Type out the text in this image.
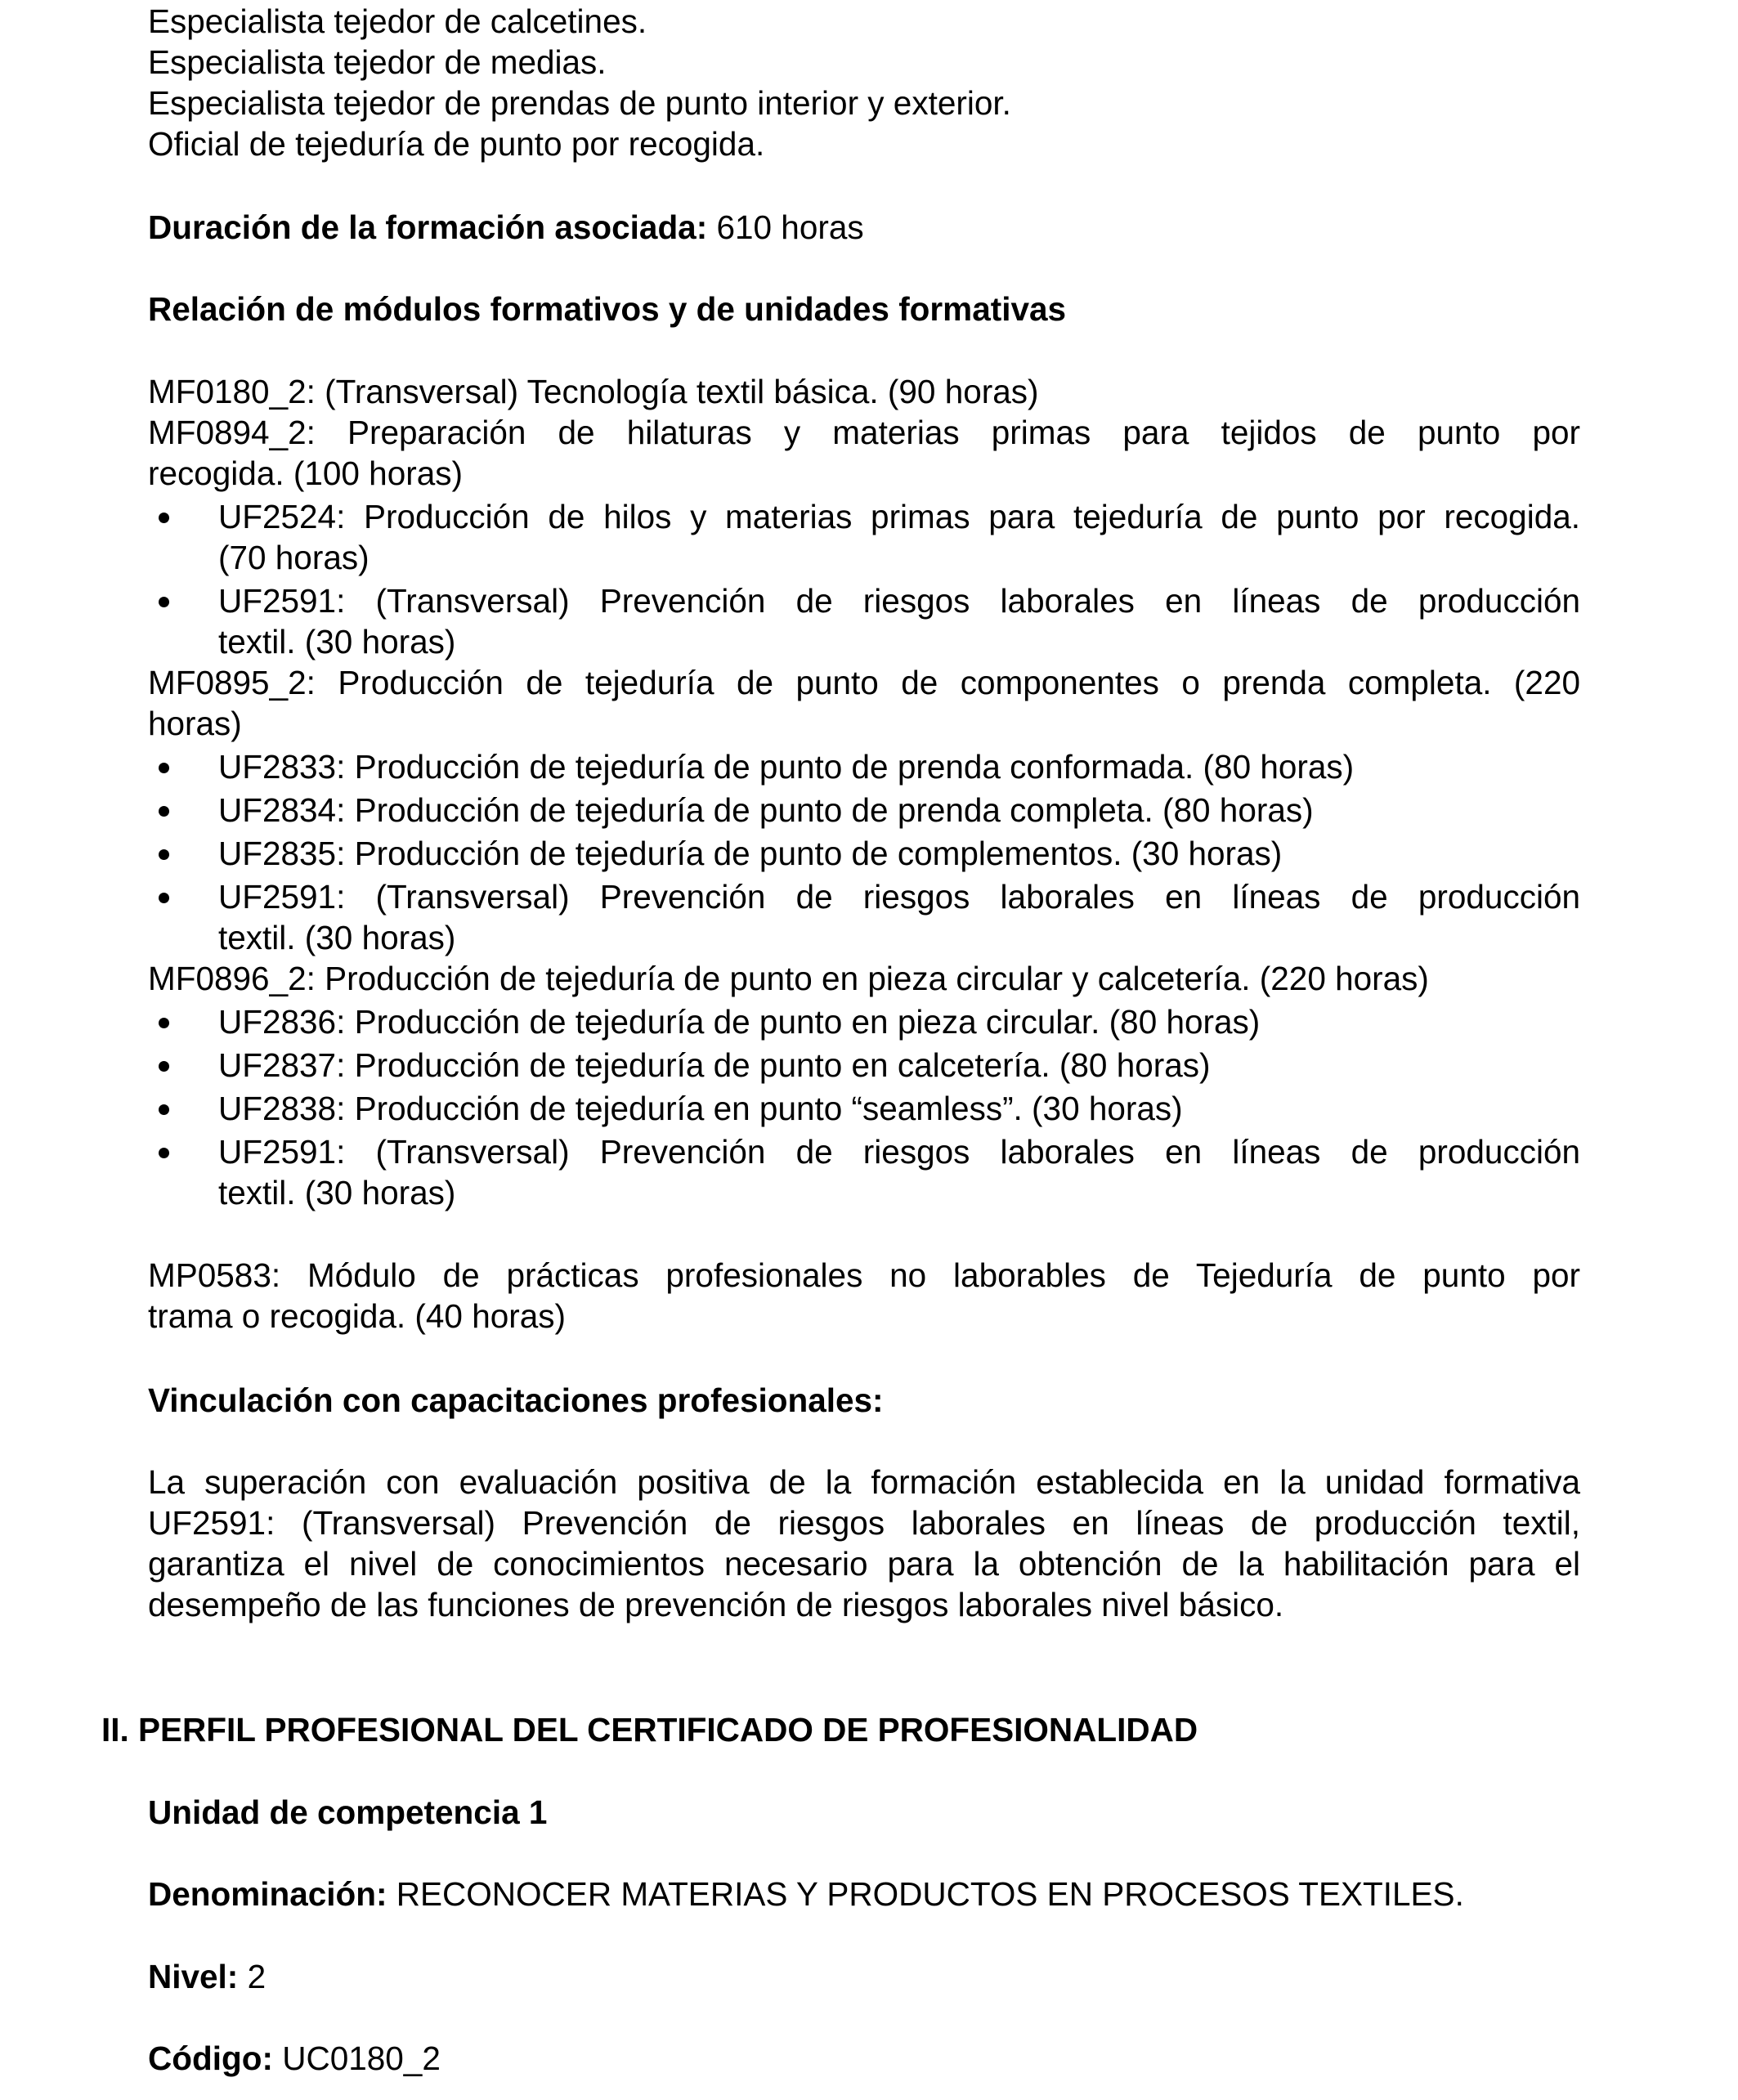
Especialista tejedor de calcetines.
Especialista tejedor de medias.
Especialista tejedor de prendas de punto interior y exterior.
Oficial de tejeduría de punto por recogida.
Duración de la formación asociada: 610 horas
Relación de módulos formativos y de unidades formativas
MF0180_2: (Transversal) Tecnología textil básica. (90 horas)
MF0894_2: Preparación de hilaturas y materias primas para tejidos de punto por
recogida. (100 horas)
UF2524: Producción de hilos y materias primas para tejeduría de punto por recogida.
(70 horas)
UF2591: (Transversal) Prevención de riesgos laborales en líneas de producción
textil. (30 horas)
MF0895_2: Producción de tejeduría de punto de componentes o prenda completa. (220
horas)
UF2833: Producción de tejeduría de punto de prenda conformada. (80 horas)
UF2834: Producción de tejeduría de punto de prenda completa. (80 horas)
UF2835: Producción de tejeduría de punto de complementos. (30 horas)
UF2591: (Transversal) Prevención de riesgos laborales en líneas de producción
textil. (30 horas)
MF0896_2: Producción de tejeduría de punto en pieza circular y calcetería. (220 horas)
UF2836: Producción de tejeduría de punto en pieza circular. (80 horas)
UF2837: Producción de tejeduría de punto en calcetería. (80 horas)
UF2838: Producción de tejeduría en punto “seamless”. (30 horas)
UF2591: (Transversal) Prevención de riesgos laborales en líneas de producción
textil. (30 horas)
MP0583: Módulo de prácticas profesionales no laborables de Tejeduría de punto por
trama o recogida. (40 horas)
Vinculación con capacitaciones profesionales:
La superación con evaluación positiva de la formación establecida en la unidad formativa
UF2591: (Transversal) Prevención de riesgos laborales en líneas de producción textil,
garantiza el nivel de conocimientos necesario para la obtención de la habilitación para el
desempeño de las funciones de prevención de riesgos laborales nivel básico.
II. PERFIL PROFESIONAL DEL CERTIFICADO DE PROFESIONALIDAD
Unidad de competencia 1
Denominación: RECONOCER MATERIAS Y PRODUCTOS EN PROCESOS TEXTILES.
Nivel: 2
Código: UC0180_2
